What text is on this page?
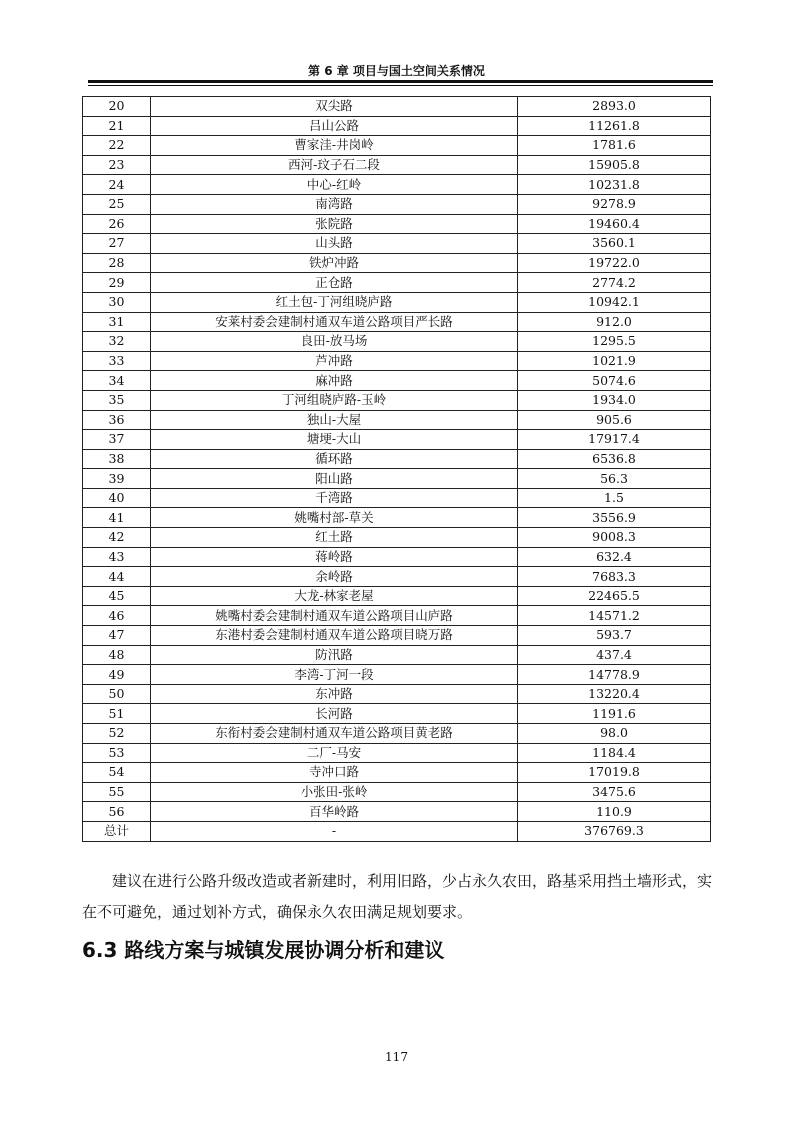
第 6 章 项目与国土空间关系情况
20	双尖路	2893.0
21	吕山公路	11261.8
22	曹家洼-井岗岭	1781.6
23	西河-玟子石二段	15905.8
24	中心-红岭	10231.8
25	南湾路	9278.9
26	张院路	19460.4
27	山头路	3560.1
28	铁炉冲路	19722.0
29	正仓路	2774.2
30	红土包-丁河组晓庐路	10942.1
31	安莱村委会建制村通双车道公路项目严长路	912.0
32	良田-放马场	1295.5
33	芦冲路	1021.9
34	麻冲路	5074.6
35	丁河组晓庐路-玉岭	1934.0
36	独山-大屋	905.6
37	塘埂-大山	17917.4
38	循环路	6536.8
39	阳山路	56.3
40	千湾路	1.5
41	姚嘴村部-草关	3556.9
42	红土路	9008.3
43	蒋岭路	632.4
44	余岭路	7683.3
45	大龙-林家老屋	22465.5
46	姚嘴村委会建制村通双车道公路项目山庐路	14571.2
47	东港村委会建制村通双车道公路项目晓万路	593.7
48	防汛路	437.4
49	李湾-丁河一段	14778.9
50	东冲路	13220.4
51	长河路	1191.6
52	东衔村委会建制村通双车道公路项目黄老路	98.0
53	二厂-马安	1184.4
54	寺冲口路	17019.8
55	小张田-张岭	3475.6
56	百华岭路	110.9
总计	-	376769.3

建议在进行公路升级改造或者新建时，利用旧路，少占永久农田，路基采用挡土墙形式，实在不可避免，通过划补方式，确保永久农田满足规划要求。

6.3 路线方案与城镇发展协调分析和建议
117
